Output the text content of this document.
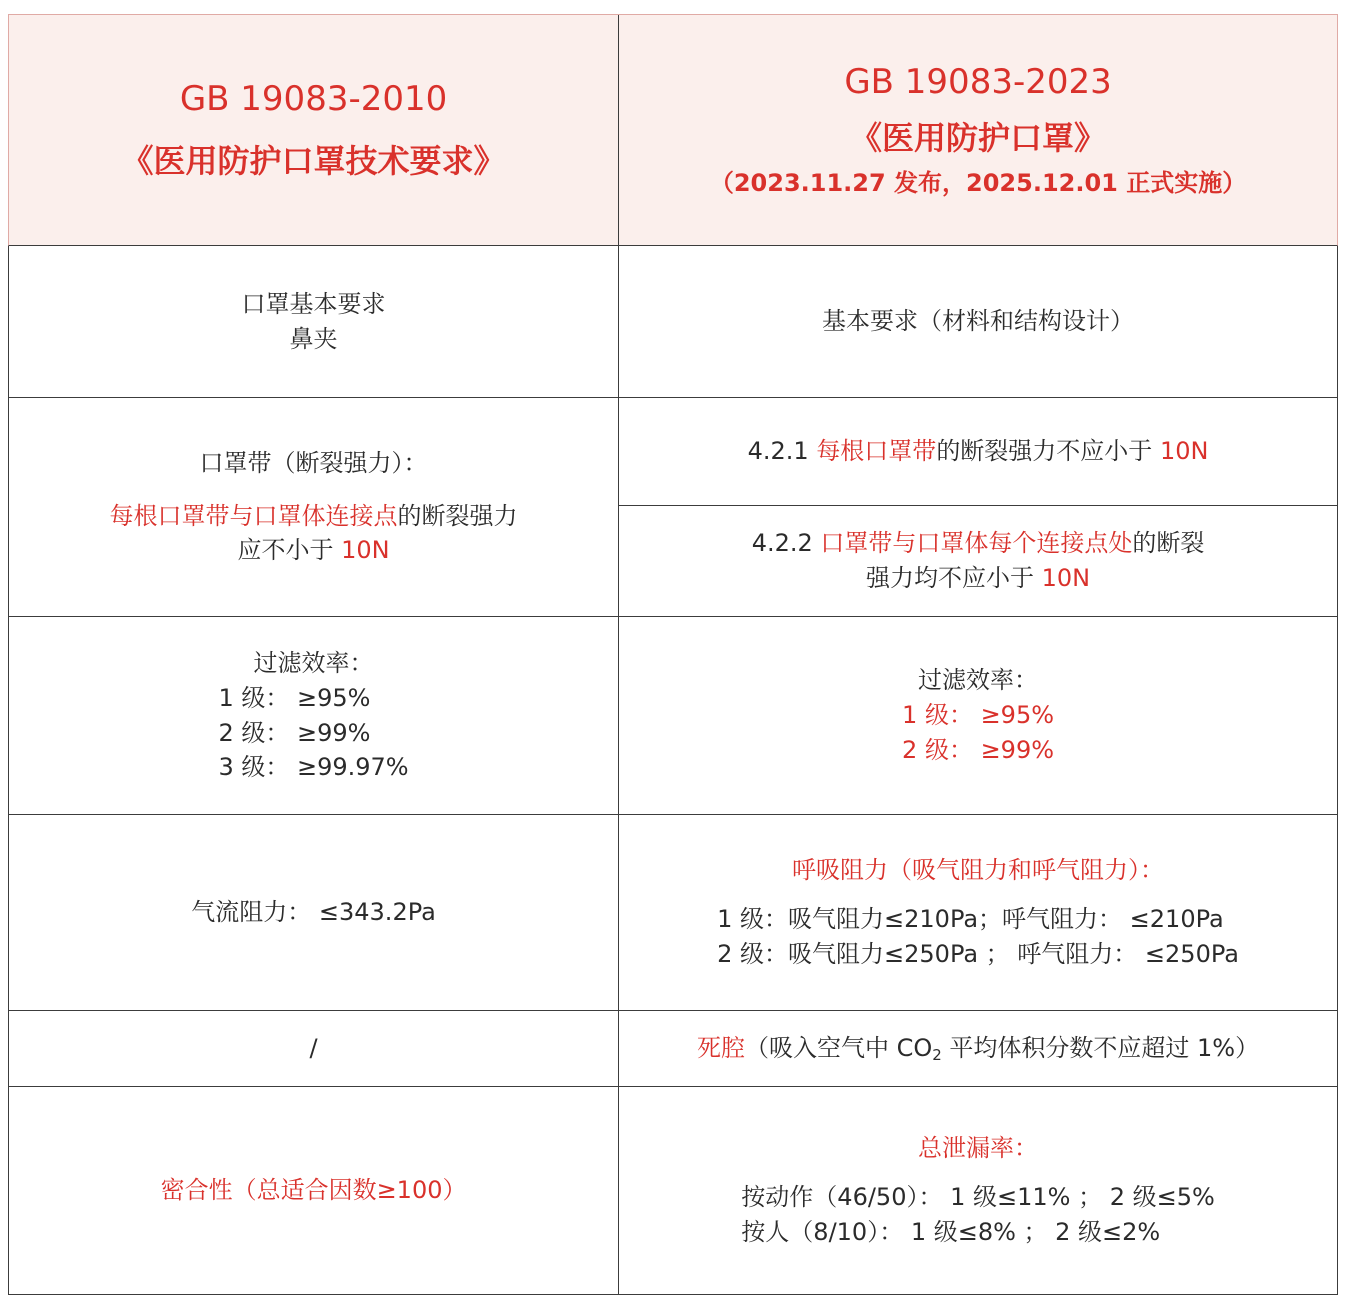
GB 19083-2010
《医用防护口罩技术要求》
GB 19083-2023
《医用防护口罩》
（2023.11.27 发布，2025.12.01 正式实施）
口罩基本要求
鼻夹
基本要求（材料和结构设计）
口罩带（断裂强力）：
每根口罩带与口罩体连接点的断裂强力
应不小于 10N
4.2.1 每根口罩带的断裂强力不应小于 10N
4.2.2 口罩带与口罩体每个连接点处的断裂
强力均不应小于 10N
过滤效率：
1 级： ≥95%
2 级： ≥99%
3 级： ≥99.97%
过滤效率：
1 级： ≥95%
2 级： ≥99%
气流阻力： ≤343.2Pa
呼吸阻力（吸气阻力和呼气阻力）：
1 级：吸气阻力≤210Pa；呼气阻力： ≤210Pa
2 级：吸气阻力≤250Pa ； 呼气阻力： ≤250Pa
/	死腔（吸入空气中 $CO_2$ 平均体积分数不应超过 1%）
密合性（总适合因数≥100）
总泄漏率：
按动作（46/50）： 1 级≤11% ； 2 级≤5%
按人（8/10）： 1 级≤8% ； 2 级≤2%
